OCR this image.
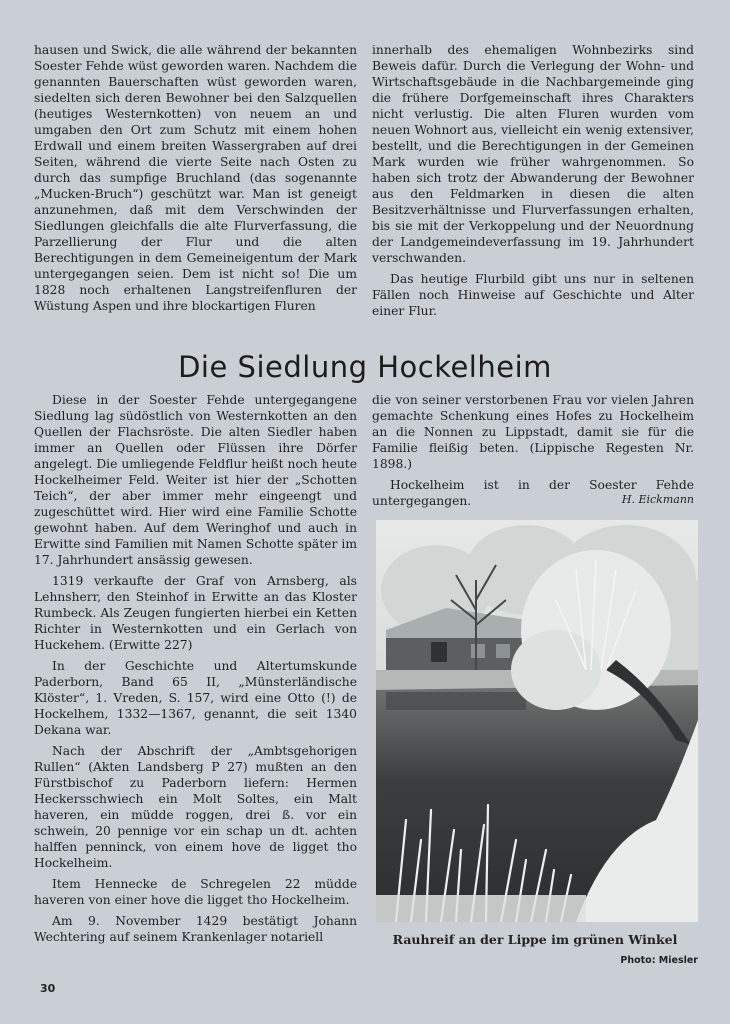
hausen und Swick, die alle während der bekannten Soester Fehde wüst geworden waren. Nachdem die genannten Bauerschaften wüst geworden waren, siedelten sich deren Bewohner bei den Salzquellen (heutiges Westernkotten) von neuem an und umgaben den Ort zum Schutz mit einem hohen Erdwall und einem breiten Wassergraben auf drei Seiten, während die vierte Seite nach Osten zu durch das sumpfige Bruchland (das sogenannte „Mucken-Bruch“) geschützt war. Man ist geneigt anzunehmen, daß mit dem Verschwinden der Siedlungen gleichfalls die alte Flurverfassung, die Parzellierung der Flur und die alten Berechtigungen in dem Gemeineigentum der Mark untergegangen seien. Dem ist nicht so! Die um 1828 noch erhaltenen Langstreifenfluren der Wüstung Aspen und ihre blockartigen Fluren

innerhalb des ehemaligen Wohnbezirks sind Beweis dafür. Durch die Verlegung der Wohn- und Wirtschaftsgebäude in die Nachbargemeinde ging die frühere Dorfgemeinschaft ihres Charakters nicht verlustig. Die alten Fluren wurden vom neuen Wohnort aus, vielleicht ein wenig extensiver, bestellt, und die Berechtigungen in der Gemeinen Mark wurden wie früher wahrgenommen. So haben sich trotz der Abwanderung der Bewohner aus den Feldmarken in diesen die alten Besitzverhältnisse und Flurverfassungen erhalten, bis sie mit der Verkoppelung und der Neuordnung der Landgemeindeverfassung im 19. Jahrhundert verschwanden.

Das heutige Flurbild gibt uns nur in seltenen Fällen noch Hinweise auf Geschichte und Alter einer Flur.

Die Siedlung Hockelheim

Diese in der Soester Fehde untergegangene Siedlung lag südöstlich von Westernkotten an den Quellen der Flachsröste. Die alten Siedler haben immer an Quellen oder Flüssen ihre Dörfer angelegt. Die umliegende Feldflur heißt noch heute Hockelheimer Feld. Weiter ist hier der „Schotten Teich“, der aber immer mehr eingeengt und zugeschüttet wird. Hier wird eine Familie Schotte gewohnt haben. Auf dem Weringhof und auch in Erwitte sind Familien mit Namen Schotte später im 17. Jahrhundert ansässig gewesen.

1319 verkaufte der Graf von Arnsberg, als Lehnsherr, den Steinhof in Erwitte an das Kloster Rumbeck. Als Zeugen fungierten hierbei ein Ketten Richter in Westernkotten und ein Gerlach von Huckehem. (Erwitte 227)

In der Geschichte und Altertumskunde Paderborn, Band 65 II, „Münsterländische Klöster“, 1. Vreden, S. 157, wird eine Otto (!) de Hockelhem, 1332—1367, genannt, die seit 1340 Dekana war.

Nach der Abschrift der „Ambtsgehorigen Rullen“ (Akten Landsberg P 27) mußten an den Fürstbischof zu Paderborn liefern: Hermen Heckersschwiech ein Molt Soltes, ein Malt haveren, ein müdde roggen, drei ß. vor ein schwein, 20 pennige vor ein schap un dt. achten halffen penninck, von einem hove de ligget tho Hockelheim.

Item Hennecke de Schregelen 22 müdde haveren von einer hove die ligget tho Hockelheim.

Am 9. November 1429 bestätigt Johann Wechtering auf seinem Krankenlager notariell

die von seiner verstorbenen Frau vor vielen Jahren gemachte Schenkung eines Hofes zu Hockelheim an die Nonnen zu Lippstadt, damit sie für die Familie fleißig beten. (Lippische Regesten Nr. 1898.)

Hockelheim ist in der Soester Fehde untergegangen.	H. Eickmann
Rauhreif an der Lippe im grünen Winkel
Photo: Miesler
30
